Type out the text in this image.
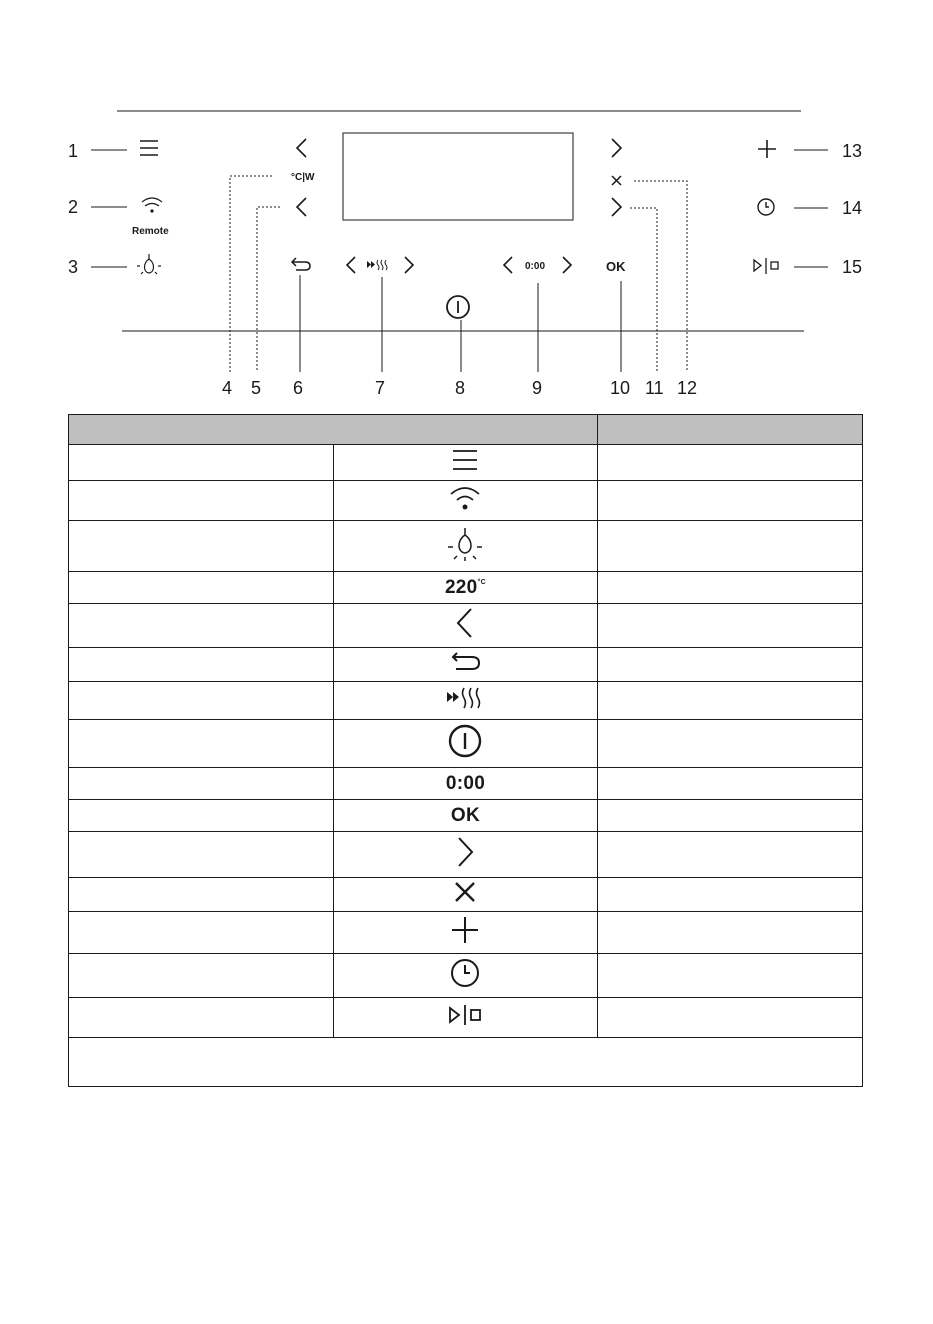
1
2
3
13
14
15
Remote
°C|W
0:00	OK
4 5 6	7	8	9	10 11 12

	$220^{^\circ C}$	

	0:00	
	OK	
